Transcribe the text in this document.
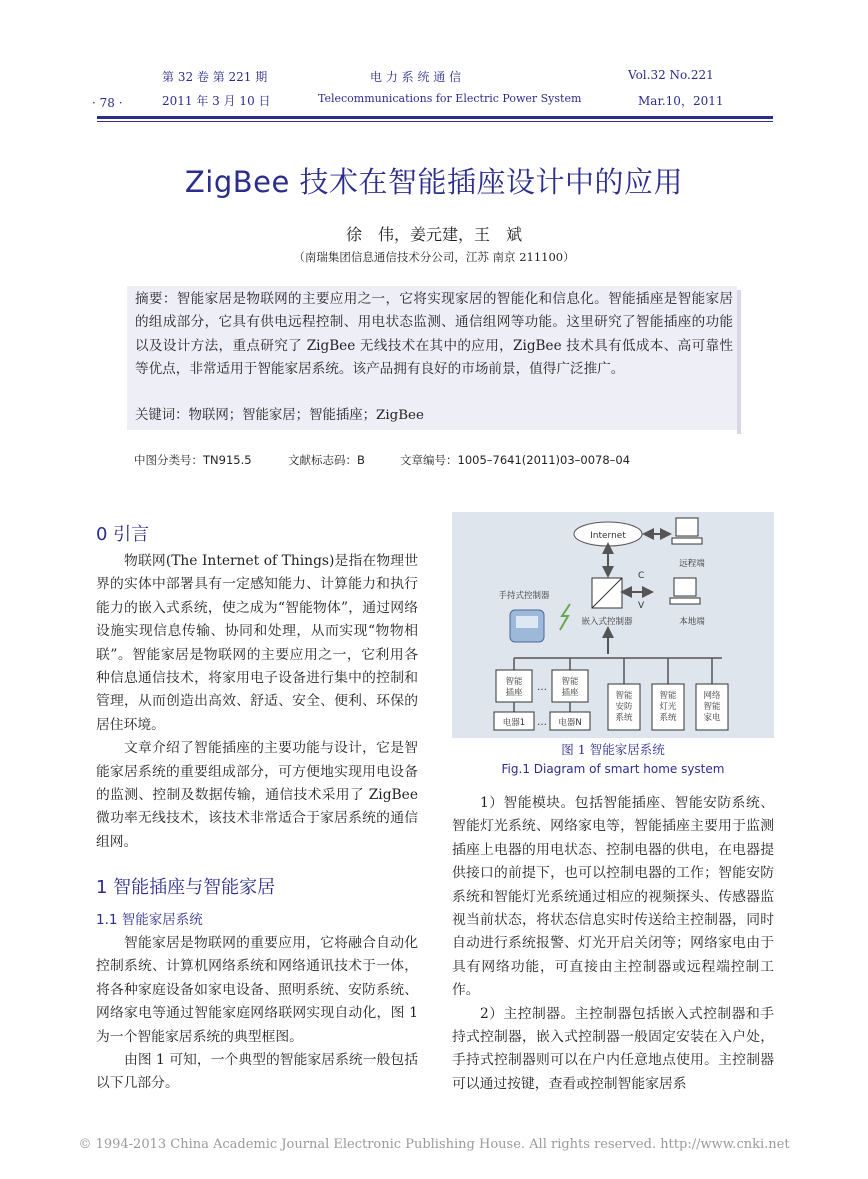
· 78 ·
第 32 卷 第 221 期
2011 年 3 月 10 日
电 力 系 统 通 信
Telecommunications for Electric Power System
Vol.32 No.221
Mar.10，2011
ZigBee 技术在智能插座设计中的应用
徐　伟，姜元建，王　斌
（南瑞集团信息通信技术分公司，江苏 南京 211100）
摘要：智能家居是物联网的主要应用之一，它将实现家居的智能化和信息化。智能插座是智能家居的组成部分，它具有供电远程控制、用电状态监测、通信组网等功能。这里研究了智能插座的功能以及设计方法，重点研究了 ZigBee 无线技术在其中的应用，ZigBee 技术具有低成本、高可靠性等优点，非常适用于智能家居系统。该产品拥有良好的市场前景，值得广泛推广。
关键词：物联网；智能家居；智能插座；ZigBee
中图分类号：TN915.5	文献标志码：B	文章编号：1005–7641(2011)03–0078–04
0 引言

物联网(The Internet of Things)是指在物理世界的实体中部署具有一定感知能力、计算能力和执行能力的嵌入式系统，使之成为“智能物体”，通过网络设施实现信息传输、协同和处理，从而实现“物物相联”。智能家居是物联网的主要应用之一，它利用各种信息通信技术，将家用电子设备进行集中的控制和管理，从而创造出高效、舒适、安全、便利、环保的居住环境。

文章介绍了智能插座的主要功能与设计，它是智能家居系统的重要组成部分，可方便地实现用电设备的监测、控制及数据传输，通信技术采用了 ZigBee 微功率无线技术，该技术非常适合于家居系统的通信组网。

1 智能插座与智能家居
1.1 智能家居系统

智能家居是物联网的重要应用，它将融合自动化控制系统、计算机网络系统和网络通讯技术于一体，将各种家庭设备如家电设备、照明系统、安防系统、网络家电等通过智能家庭网络联网实现自动化，图 1 为一个智能家居系统的典型框图。

由图 1 可知，一个典型的智能家居系统一般包括以下几部分。

Internet
远程端
C
V
嵌入式控制器	本地端
手持式控制器
智能插座 … 智能插座
电器1 … 电器N
智能安防系统
智能灯光系统
网络智能家电
图 1 智能家居系统
Fig.1 Diagram of smart home system

1）智能模块。包括智能插座、智能安防系统、智能灯光系统、网络家电等，智能插座主要用于监测插座上电器的用电状态、控制电器的供电，在电器提供接口的前提下，也可以控制电器的工作；智能安防系统和智能灯光系统通过相应的视频探头、传感器监视当前状态，将状态信息实时传送给主控制器，同时自动进行系统报警、灯光开启关闭等；网络家电由于具有网络功能，可直接由主控制器或远程端控制工作。

2）主控制器。主控制器包括嵌入式控制器和手持式控制器，嵌入式控制器一般固定安装在入户处，手持式控制器则可以在户内任意地点使用。主控制器可以通过按键，查看或控制智能家居系

© 1994-2013 China Academic Journal Electronic Publishing House. All rights reserved. http://www.cnki.net
